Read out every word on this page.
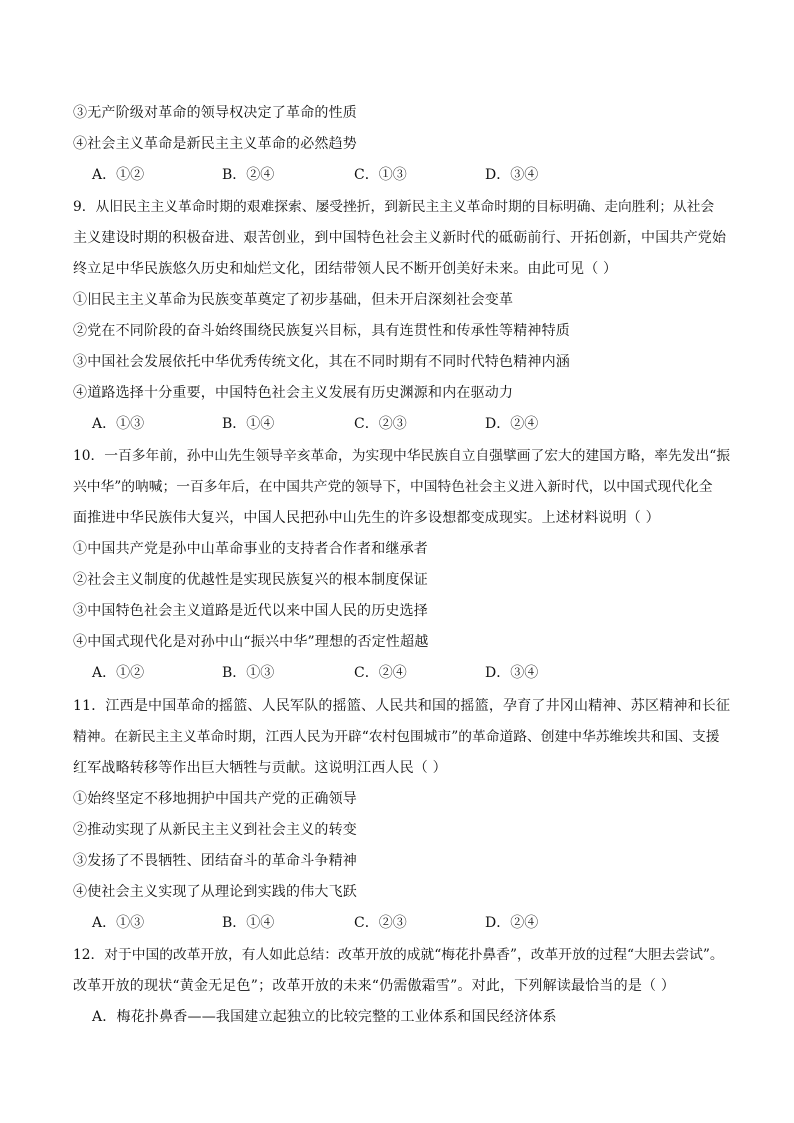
③无产阶级对革命的领导权决定了革命的性质
④社会主义革命是新民主主义革命的必然趋势
A．①②	B．②④	C．①③	D．③④
9．从旧民主主义革命时期的艰难探索、屡受挫折，到新民主主义革命时期的目标明确、走向胜利；从社会
主义建设时期的积极奋进、艰苦创业，到中国特色社会主义新时代的砥砺前行、开拓创新，中国共产党始
终立足中华民族悠久历史和灿烂文化，团结带领人民不断开创美好未来。由此可见（ ）
①旧民主主义革命为民族变革奠定了初步基础，但未开启深刻社会变革
②党在不同阶段的奋斗始终围绕民族复兴目标，具有连贯性和传承性等精神特质
③中国社会发展依托中华优秀传统文化，其在不同时期有不同时代特色精神内涵
④道路选择十分重要，中国特色社会主义发展有历史渊源和内在驱动力
A．①③	B．①④	C．②③	D．②④
10．一百多年前，孙中山先生领导辛亥革命，为实现中华民族自立自强擘画了宏大的建国方略，率先发出“振
兴中华”的呐喊；一百多年后，在中国共产党的领导下，中国特色社会主义进入新时代，以中国式现代化全
面推进中华民族伟大复兴，中国人民把孙中山先生的许多设想都变成现实。上述材料说明（ ）
①中国共产党是孙中山革命事业的支持者合作者和继承者
②社会主义制度的优越性是实现民族复兴的根本制度保证
③中国特色社会主义道路是近代以来中国人民的历史选择
④中国式现代化是对孙中山“振兴中华”理想的否定性超越
A．①②	B．①③	C．②④	D．③④
11．江西是中国革命的摇篮、人民军队的摇篮、人民共和国的摇篮，孕育了井冈山精神、苏区精神和长征
精神。在新民主主义革命时期，江西人民为开辟“农村包围城市”的革命道路、创建中华苏维埃共和国、支援
红军战略转移等作出巨大牺牲与贡献。这说明江西人民（ ）
①始终坚定不移地拥护中国共产党的正确领导
②推动实现了从新民主主义到社会主义的转变
③发扬了不畏牺牲、团结奋斗的革命斗争精神
④使社会主义实现了从理论到实践的伟大飞跃
A．①③	B．①④	C．②③	D．②④
12．对于中国的改革开放，有人如此总结：改革开放的成就“梅花扑鼻香”，改革开放的过程“大胆去尝试”。
改革开放的现状“黄金无足色”；改革开放的未来“仍需傲霜雪”。对此，下列解读最恰当的是（ ）
A．梅花扑鼻香——我国建立起独立的比较完整的工业体系和国民经济体系
